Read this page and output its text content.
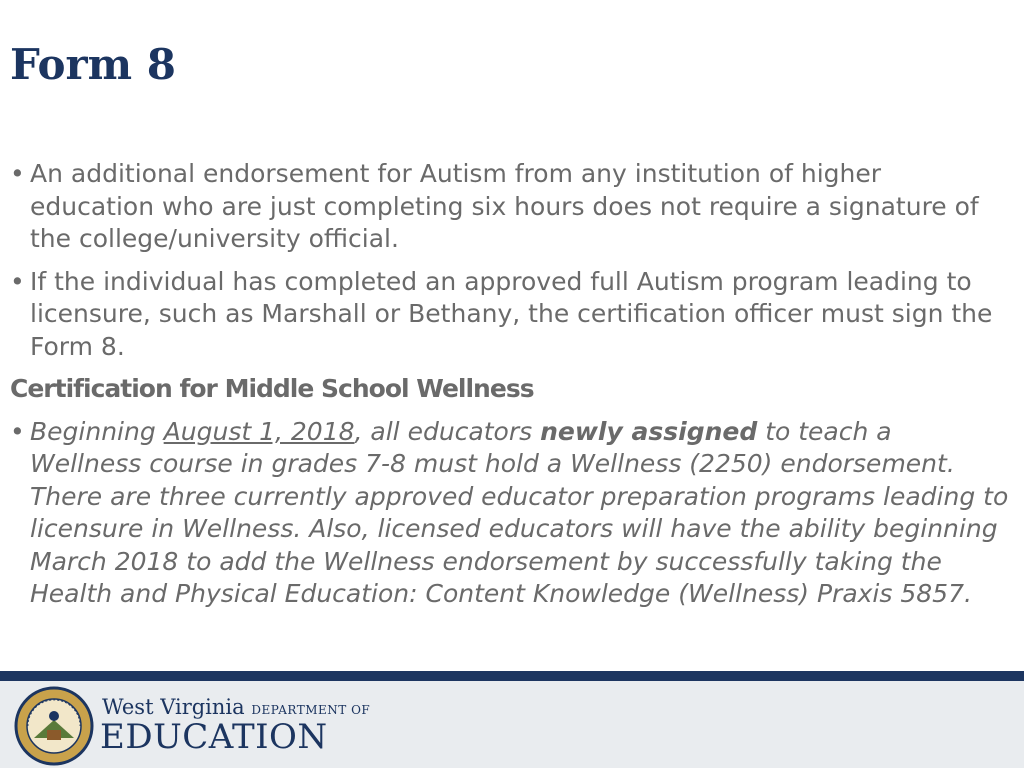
Form 8

• An additional endorsement for Autism from any institution of higher education who are just completing six hours does not require a signature of the college/university official.

• If the individual has completed an approved full Autism program leading to licensure, such as Marshall or Bethany, the certification officer must sign the Form 8.

Certification for Middle School Wellness

• Beginning August 1, 2018, all educators newly assigned to teach a Wellness course in grades 7-8 must hold a Wellness (2250) endorsement. There are three currently approved educator preparation programs leading to licensure in Wellness. Also, licensed educators will have the ability beginning March 2018 to add the Wellness endorsement by successfully taking the Health and Physical Education: Content Knowledge (Wellness) Praxis 5857.

West Virginia DEPARTMENT OF
EDUCATION
